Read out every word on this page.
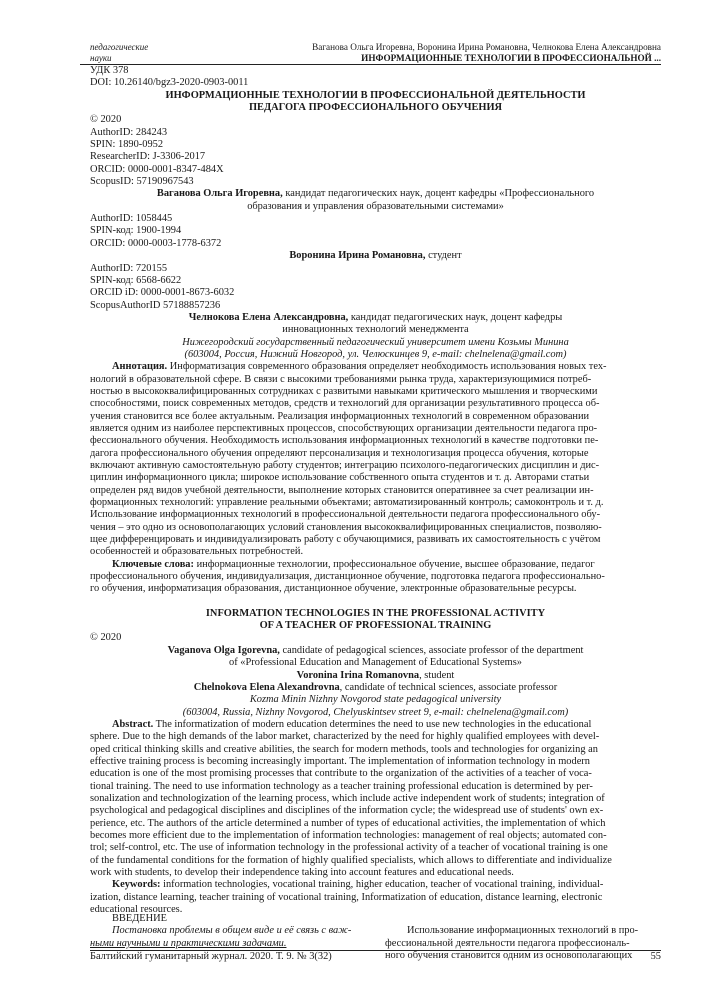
педагогические
науки
Ваганова Ольга Игоревна, Воронина Ирина Романовна, Челнокова Елена Александровна
ИНФОРМАЦИОННЫЕ ТЕХНОЛОГИИ В ПРОФЕССИОНАЛЬНОЙ ...
УДК 378
DOI: 10.26140/bgz3-2020-0903-0011
ИНФОРМАЦИОННЫЕ ТЕХНОЛОГИИ В ПРОФЕССИОНАЛЬНОЙ ДЕЯТЕЛЬНОСТИ
ПЕДАГОГА ПРОФЕССИОНАЛЬНОГО ОБУЧЕНИЯ
© 2020
AuthorID: 284243
SPIN: 1890-0952
ResearcherID: J-3306-2017
ORCID: 0000-0001-8347-484X
ScopusID: 57190967543
Ваганова Ольга Игоревна, кандидат педагогических наук, доцент кафедры «Профессионального
образования и управления образовательными системами»
AuthorID: 1058445
SPIN-код: 1900-1994
ORCID: 0000-0003-1778-6372
Воронина Ирина Романовна, студент
AuthorID: 720155
SPIN-код: 6568-6622
ORCID iD: 0000-0001-8673-6032
ScopusAuthorID 57188857236
Челнокова Елена Александровна, кандидат педагогических наук, доцент кафедры
инновационных технологий менеджмента
Нижегородский государственный педагогический университет имени Козьмы Минина
(603004, Россия, Нижний Новгород, ул. Челюскинцев 9, e-mail: chelnelena@gmail.com)
Аннотация. Информатизация современного образования определяет необходимость использования новых тех-
нологий в образовательной сфере. В связи с высокими требованиями рынка труда, характеризующимися потреб-
ностью в высококвалифицированных сотрудниках с развитыми навыками критического мышления и творческими
способностями, поиск современных методов, средств и технологий для организации результативного процесса об-
учения становится все более актуальным. Реализация информационных технологий в современном образовании
является одним из наиболее перспективных процессов, способствующих организации деятельности педагога про-
фессионального обучения. Необходимость использования информационных технологий в качестве подготовки пе-
дагога профессионального обучения определяют персонализация и технологизация процесса обучения, которые
включают активную самостоятельную работу студентов; интеграцию психолого-педагогических дисциплин и дис-
циплин информационного цикла; широкое использование собственного опыта студентов и т. д. Авторами статьи
определен ряд видов учебной деятельности, выполнение которых становится оперативнее за счет реализации ин-
формационных технологий: управление реальными объектами; автоматизированный контроль; самоконтроль и т. д.
Использование информационных технологий в профессиональной деятельности педагога профессионального обу-
чения – это одно из основополагающих условий становления высококвалифицированных специалистов, позволяю-
щее дифференцировать и индивидуализировать работу с обучающимися, развивать их самостоятельность с учётом
особенностей и образовательных потребностей.
Ключевые слова: информационные технологии, профессиональное обучение, высшее образование, педагог
профессионального обучения, индивидуализация, дистанционное обучение, подготовка педагога профессионально-
го обучения, информатизация образования, дистанционное обучение, электронные образовательные ресурсы.
INFORMATION TECHNOLOGIES IN THE PROFESSIONAL ACTIVITY
OF A TEACHER OF PROFESSIONAL TRAINING
© 2020
Vaganova Olga Igorevna, candidate of pedagogical sciences, associate professor of the department
of «Professional Education and Management of Educational Systems»
Voronina Irina Romanovna, student
Chelnokova Elena Alexandrovna, candidate of technical sciences, associate professor
Kozma Minin Nizhny Novgorod state pedagogical university
(603004, Russia, Nizhny Novgorod, Chelyuskintsev street 9, e-mail: chelnelena@gmail.com)
Abstract. The informatization of modern education determines the need to use new technologies in the educational
sphere. Due to the high demands of the labor market, characterized by the need for highly qualified employees with devel-
oped critical thinking skills and creative abilities, the search for modern methods, tools and technologies for organizing an
effective training process is becoming increasingly important. The implementation of information technology in modern
education is one of the most promising processes that contribute to the organization of the activities of a teacher of voca-
tional training. The need to use information technology as a teacher training professional education is determined by per-
sonalization and technologization of the learning process, which include active independent work of students; integration of
psychological and pedagogical disciplines and disciplines of the information cycle; the widespread use of students' own ex-
perience, etc. The authors of the article determined a number of types of educational activities, the implementation of which
becomes more efficient due to the implementation of information technologies: management of real objects; automated con-
trol; self-control, etc. The use of information technology in the professional activity of a teacher of vocational training is one
of the fundamental conditions for the formation of highly qualified specialists, which allows to differentiate and individualize
work with students, to develop their independence taking into account features and educational needs.
Keywords: information technologies, vocational training, higher education, teacher of vocational training, individual-
ization, distance learning, teacher training of vocational training, Informatization of education, distance learning, electronic
educational resources.
ВВЕДЕНИЕ
Постановка проблемы в общем виде и её связь с важ-
ными научными и практическими задачами.
Использование информационных технологий в про-
фессиональной деятельности педагога профессиональ-
ного обучения становится одним из основополагающих
Балтийский гуманитарный журнал. 2020. Т. 9. № 3(32)	55
